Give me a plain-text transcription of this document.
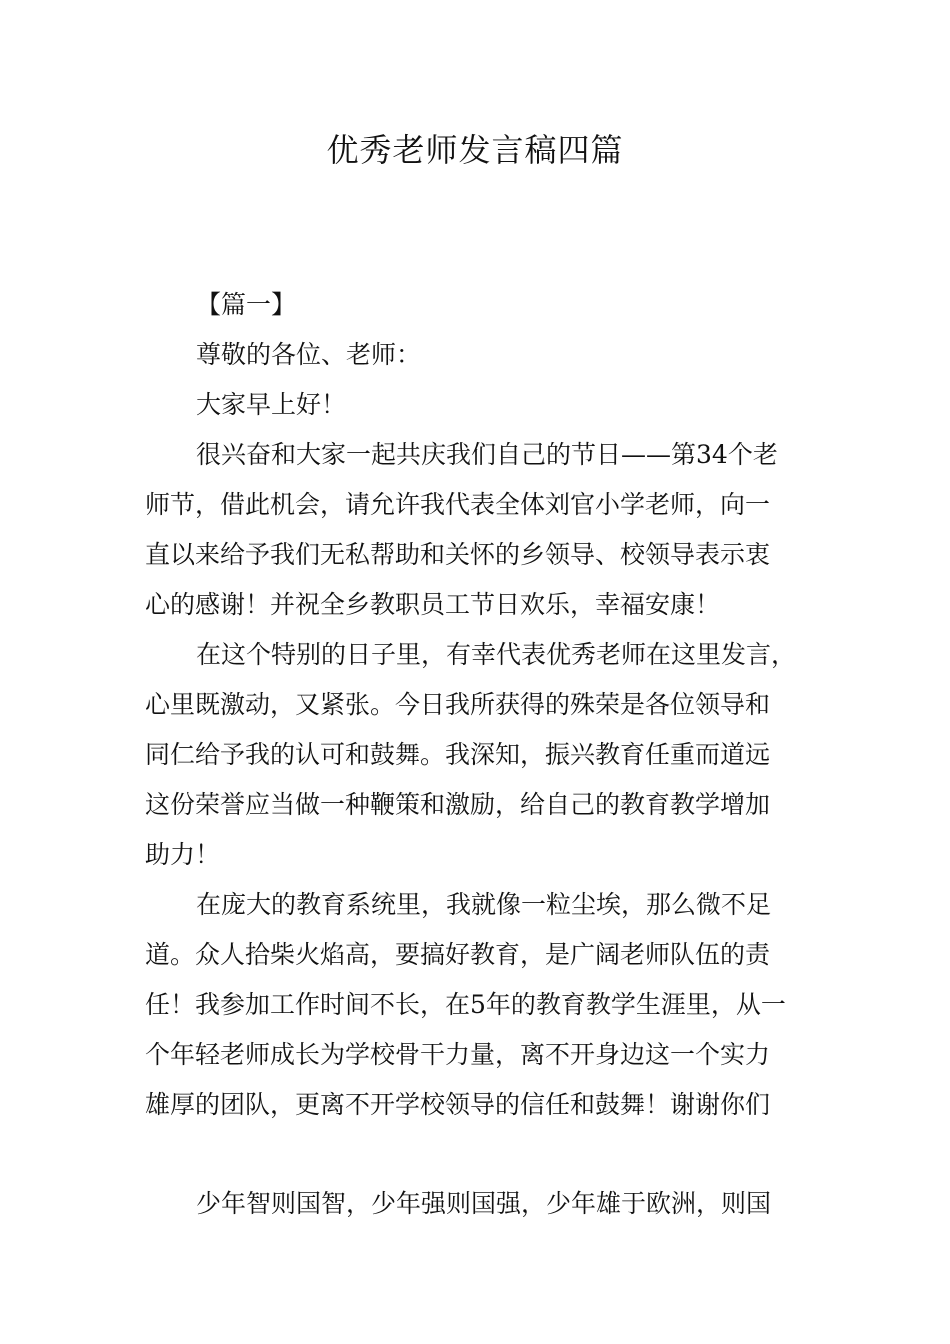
优秀老师发言稿四篇
【篇一】
尊敬的各位、老师：
大家早上好！
很兴奋和大家一起共庆我们自己的节日——第34个老
师节，借此机会，请允许我代表全体刘官小学老师，向一
直以来给予我们无私帮助和关怀的乡领导、校领导表示衷
心的感谢！并祝全乡教职员工节日欢乐，幸福安康！
在这个特别的日子里，有幸代表优秀老师在这里发言，
心里既激动，又紧张。今日我所获得的殊荣是各位领导和
同仁给予我的认可和鼓舞。我深知，振兴教育任重而道远
这份荣誉应当做一种鞭策和激励，给自己的教育教学增加
助力！
在庞大的教育系统里，我就像一粒尘埃，那么微不足
道。众人拾柴火焰高，要搞好教育，是广阔老师队伍的责
任！我参加工作时间不长，在5年的教育教学生涯里，从一
个年轻老师成长为学校骨干力量，离不开身边这一个实力
雄厚的团队，更离不开学校领导的信任和鼓舞！谢谢你们
少年智则国智，少年强则国强，少年雄于欧洲，则国
